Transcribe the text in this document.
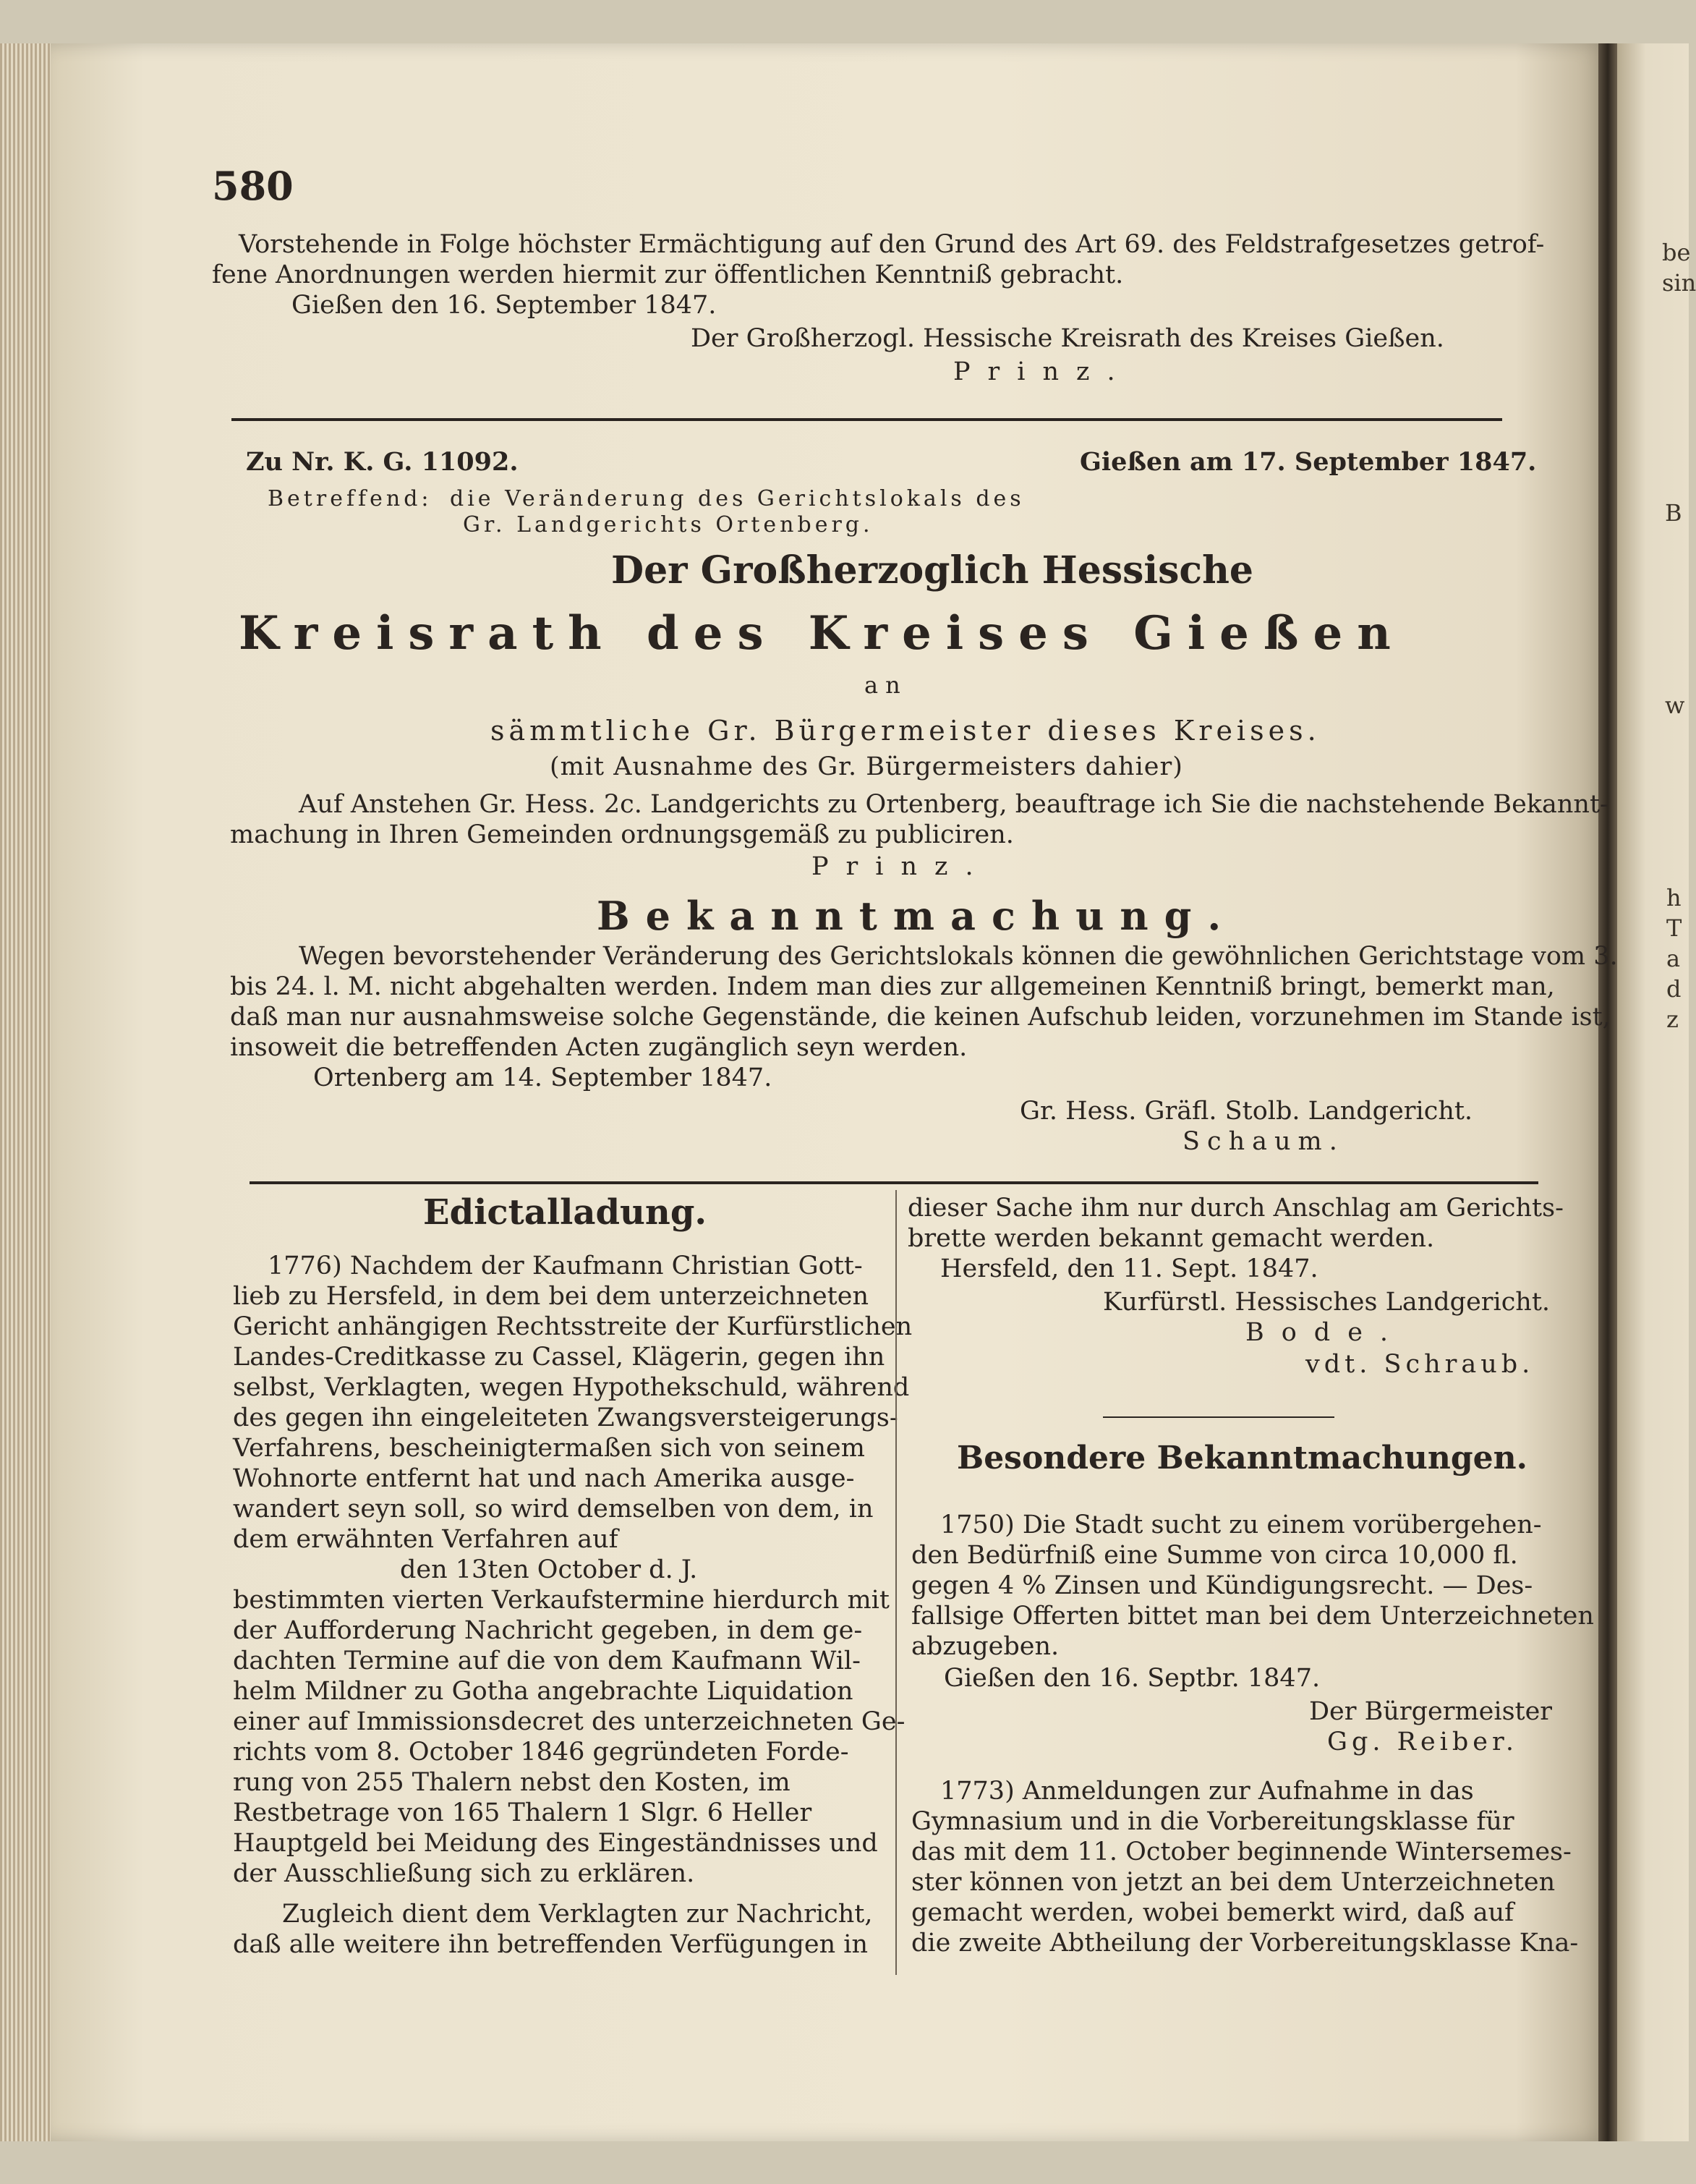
580
Vorstehende in Folge höchster Ermächtigung auf den Grund des Art 69. des Feldstrafgesetzes getrof-
fene Anordnungen werden hiermit zur öffentlichen Kenntniß gebracht.
Gießen den 16. September 1847.
Der Großherzogl. Hessische Kreisrath des Kreises Gießen.
Prinz.
Zu Nr. K. G. 11092.	Gießen am 17. September 1847.
Betreffend: die Veränderung des Gerichtslokals des
Gr. Landgerichts Ortenberg.
Der Großherzoglich Hessische
Kreisrath des Kreises Gießen
an
sämmtliche Gr. Bürgermeister dieses Kreises.
(mit Ausnahme des Gr. Bürgermeisters dahier)
Auf Anstehen Gr. Hess. 2c. Landgerichts zu Ortenberg, beauftrage ich Sie die nachstehende Bekannt-
machung in Ihren Gemeinden ordnungsgemäß zu publiciren.
Prinz.
Bekanntmachung.
Wegen bevorstehender Veränderung des Gerichtslokals können die gewöhnlichen Gerichtstage vom 3.
bis 24. l. M. nicht abgehalten werden. Indem man dies zur allgemeinen Kenntniß bringt, bemerkt man,
daß man nur ausnahmsweise solche Gegenstände, die keinen Aufschub leiden, vorzunehmen im Stande ist,
insoweit die betreffenden Acten zugänglich seyn werden.
Ortenberg am 14. September 1847.
Gr. Hess. Gräfl. Stolb. Landgericht.
Schaum.
Edictalladung.
1776) Nachdem der Kaufmann Christian Gott-
lieb zu Hersfeld, in dem bei dem unterzeichneten
Gericht anhängigen Rechtsstreite der Kurfürstlichen
Landes-Creditkasse zu Cassel, Klägerin, gegen ihn
selbst, Verklagten, wegen Hypothekschuld, während
des gegen ihn eingeleiteten Zwangsversteigerungs-
Verfahrens, bescheinigtermaßen sich von seinem
Wohnorte entfernt hat und nach Amerika ausge-
wandert seyn soll, so wird demselben von dem, in
dem erwähnten Verfahren auf
den 13ten October d. J.
bestimmten vierten Verkaufstermine hierdurch mit
der Aufforderung Nachricht gegeben, in dem ge-
dachten Termine auf die von dem Kaufmann Wil-
helm Mildner zu Gotha angebrachte Liquidation
einer auf Immissionsdecret des unterzeichneten Ge-
richts vom 8. October 1846 gegründeten Forde-
rung von 255 Thalern nebst den Kosten, im
Restbetrage von 165 Thalern 1 Slgr. 6 Heller
Hauptgeld bei Meidung des Eingeständnisses und
der Ausschließung sich zu erklären.
Zugleich dient dem Verklagten zur Nachricht,
daß alle weitere ihn betreffenden Verfügungen in
dieser Sache ihm nur durch Anschlag am Gerichts-
brette werden bekannt gemacht werden.
Hersfeld, den 11. Sept. 1847.
Kurfürstl. Hessisches Landgericht.
Bode.
vdt. Schraub.
Besondere Bekanntmachungen.
1750) Die Stadt sucht zu einem vorübergehen-
den Bedürfniß eine Summe von circa 10,000 fl.
gegen 4 % Zinsen und Kündigungsrecht. — Des-
fallsige Offerten bittet man bei dem Unterzeichneten
abzugeben.
Gießen den 16. Septbr. 1847.
Der Bürgermeister
Gg. Reiber.
1773) Anmeldungen zur Aufnahme in das
Gymnasium und in die Vorbereitungsklasse für
das mit dem 11. October beginnende Wintersemes-
ster können von jetzt an bei dem Unterzeichneten
gemacht werden, wobei bemerkt wird, daß auf
die zweite Abtheilung der Vorbereitungsklasse Kna-
be
sin
B
w
h
T
a
d
z
